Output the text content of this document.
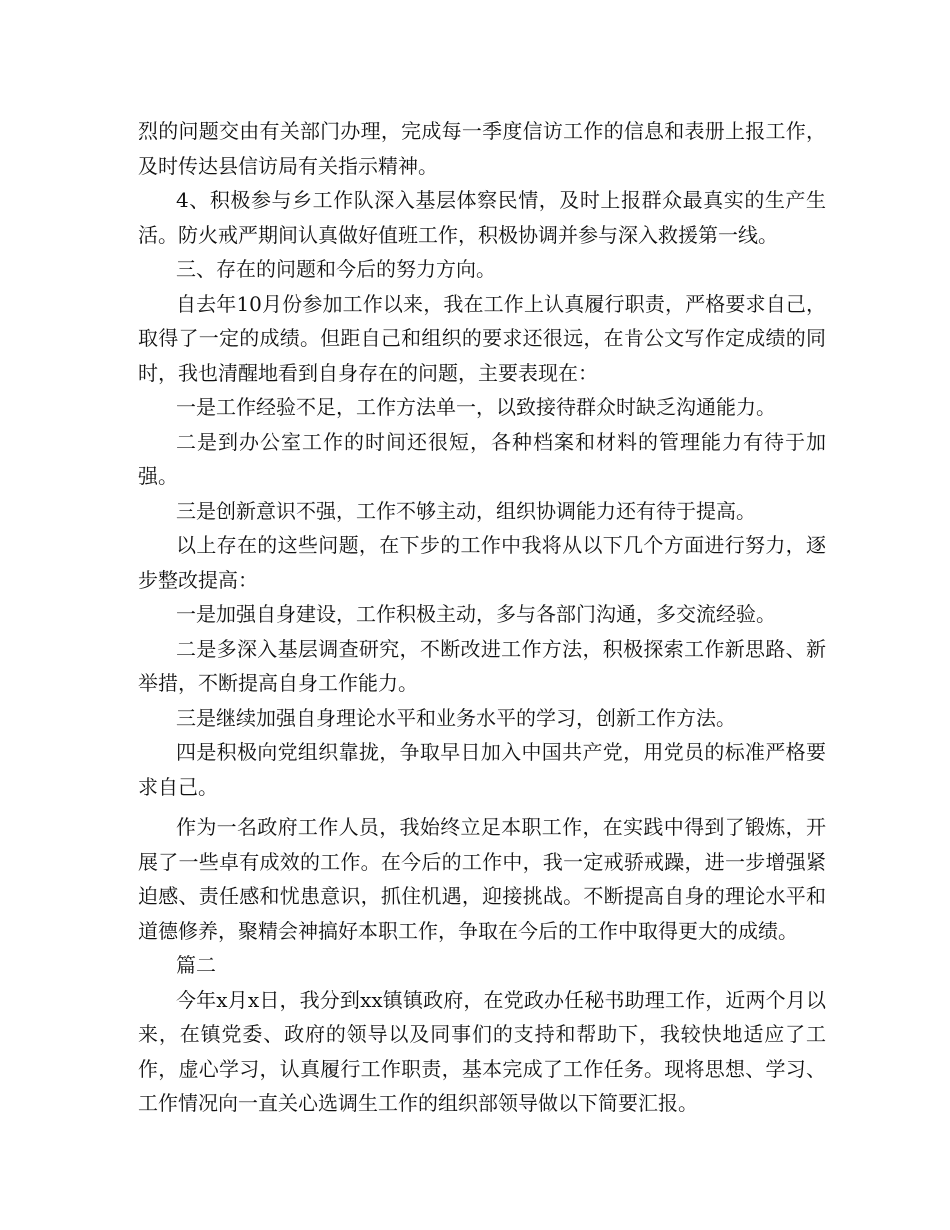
烈的问题交由有关部门办理，完成每一季度信访工作的信息和表册上报工作，及时传达县信访局有关指示精神。

4、积极参与乡工作队深入基层体察民情，及时上报群众最真实的生产生活。防火戒严期间认真做好值班工作，积极协调并参与深入救援第一线。

三、存在的问题和今后的努力方向。

自去年10月份参加工作以来，我在工作上认真履行职责，严格要求自己，取得了一定的成绩。但距自己和组织的要求还很远，在肯公文写作定成绩的同时，我也清醒地看到自身存在的问题，主要表现在：

一是工作经验不足，工作方法单一，以致接待群众时缺乏沟通能力。

二是到办公室工作的时间还很短，各种档案和材料的管理能力有待于加强。

三是创新意识不强，工作不够主动，组织协调能力还有待于提高。

以上存在的这些问题，在下步的工作中我将从以下几个方面进行努力，逐步整改提高：

一是加强自身建设，工作积极主动，多与各部门沟通，多交流经验。

二是多深入基层调查研究，不断改进工作方法，积极探索工作新思路、新举措，不断提高自身工作能力。

三是继续加强自身理论水平和业务水平的学习，创新工作方法。

四是积极向党组织靠拢，争取早日加入中国共产党，用党员的标准严格要求自己。

作为一名政府工作人员，我始终立足本职工作，在实践中得到了锻炼，开展了一些卓有成效的工作。在今后的工作中，我一定戒骄戒躁，进一步增强紧迫感、责任感和忧患意识，抓住机遇，迎接挑战。不断提高自身的理论水平和道德修养，聚精会神搞好本职工作，争取在今后的工作中取得更大的成绩。

篇二

今年x月x日，我分到xx镇镇政府，在党政办任秘书助理工作，近两个月以来，在镇党委、政府的领导以及同事们的支持和帮助下，我较快地适应了工作，虚心学习，认真履行工作职责，基本完成了工作任务。现将思想、学习、工作情况向一直关心选调生工作的组织部领导做以下简要汇报。
